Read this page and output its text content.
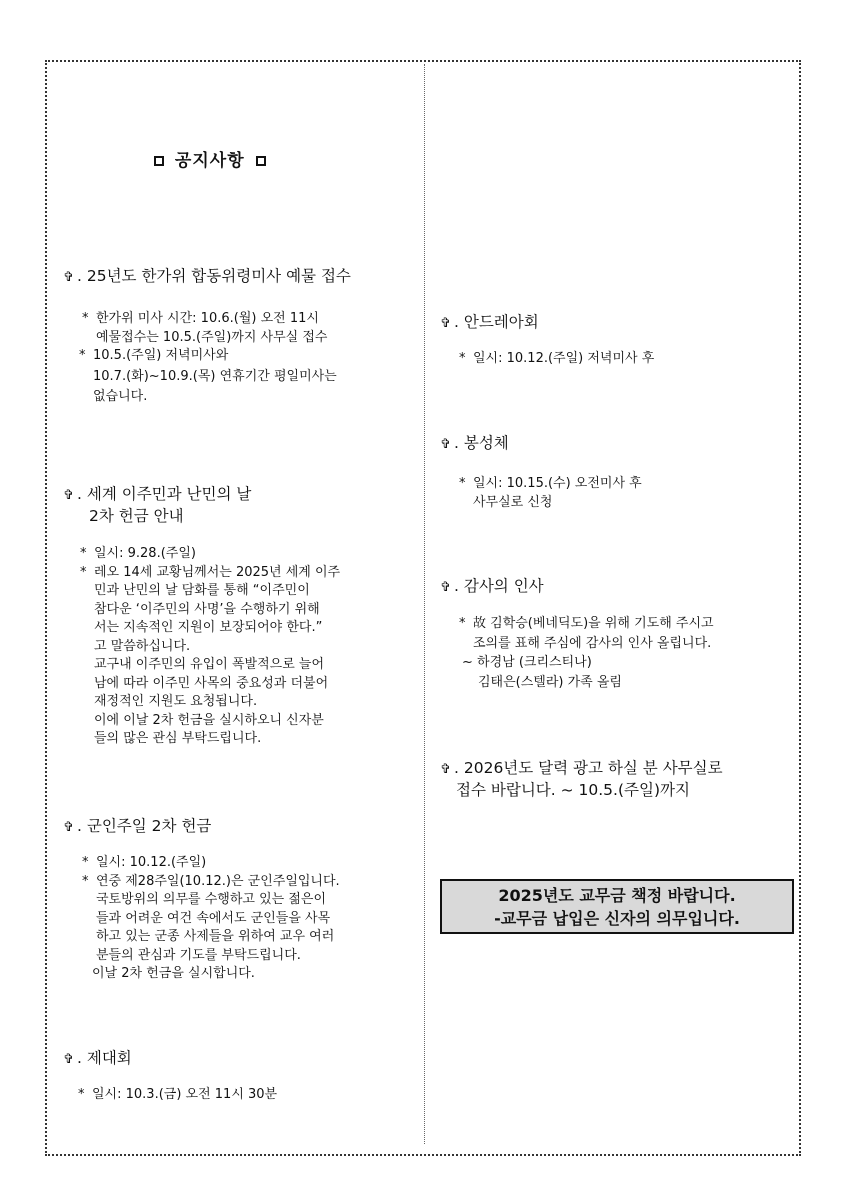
공지사항
✞ . 25년도 한가위 합동위령미사 예물 접수
* 한가위 미사 시간: 10.6.(월) 오전 11시
예물접수는 10.5.(주일)까지 사무실 접수
* 10.5.(주일) 저녁미사와
10.7.(화)~10.9.(목) 연휴기간 평일미사는
없습니다.
✞ . 세계 이주민과 난민의 날
2차 헌금 안내
* 일시: 9.28.(주일)
* 레오 14세 교황님께서는 2025년 세계 이주
민과 난민의 날 담화를 통해 “이주민이
참다운 ‘이주민의 사명’을 수행하기 위해
서는 지속적인 지원이 보장되어야 한다.”
고 말씀하십니다.
교구내 이주민의 유입이 폭발적으로 늘어
남에 따라 이주민 사목의 중요성과 더불어
재정적인 지원도 요청됩니다.
이에 이날 2차 헌금을 실시하오니 신자분
들의 많은 관심 부탁드립니다.
✞ . 군인주일 2차 헌금
* 일시: 10.12.(주일)
* 연중 제28주일(10.12.)은 군인주일입니다.
국토방위의 의무를 수행하고 있는 젊은이
들과 어려운 여건 속에서도 군인들을 사목
하고 있는 군종 사제들을 위하여 교우 여러
분들의 관심과 기도를 부탁드립니다.
이날 2차 헌금을 실시합니다.
✞ . 제대회
* 일시: 10.3.(금) 오전 11시 30분
✞ . 안드레아회
* 일시: 10.12.(주일) 저녁미사 후
✞ . 봉성체
* 일시: 10.15.(수) 오전미사 후
사무실로 신청
✞ . 감사의 인사
* 故 김학승(베네딕도)을 위해 기도해 주시고
조의를 표해 주심에 감사의 인사 올립니다.
~ 하경남 (크리스티나)
김태은(스텔라) 가족 올림
✞ . 2026년도 달력 광고 하실 분 사무실로
접수 바랍니다. ~ 10.5.(주일)까지
2025년도 교무금 책정 바랍니다.
-교무금 납입은 신자의 의무입니다.
